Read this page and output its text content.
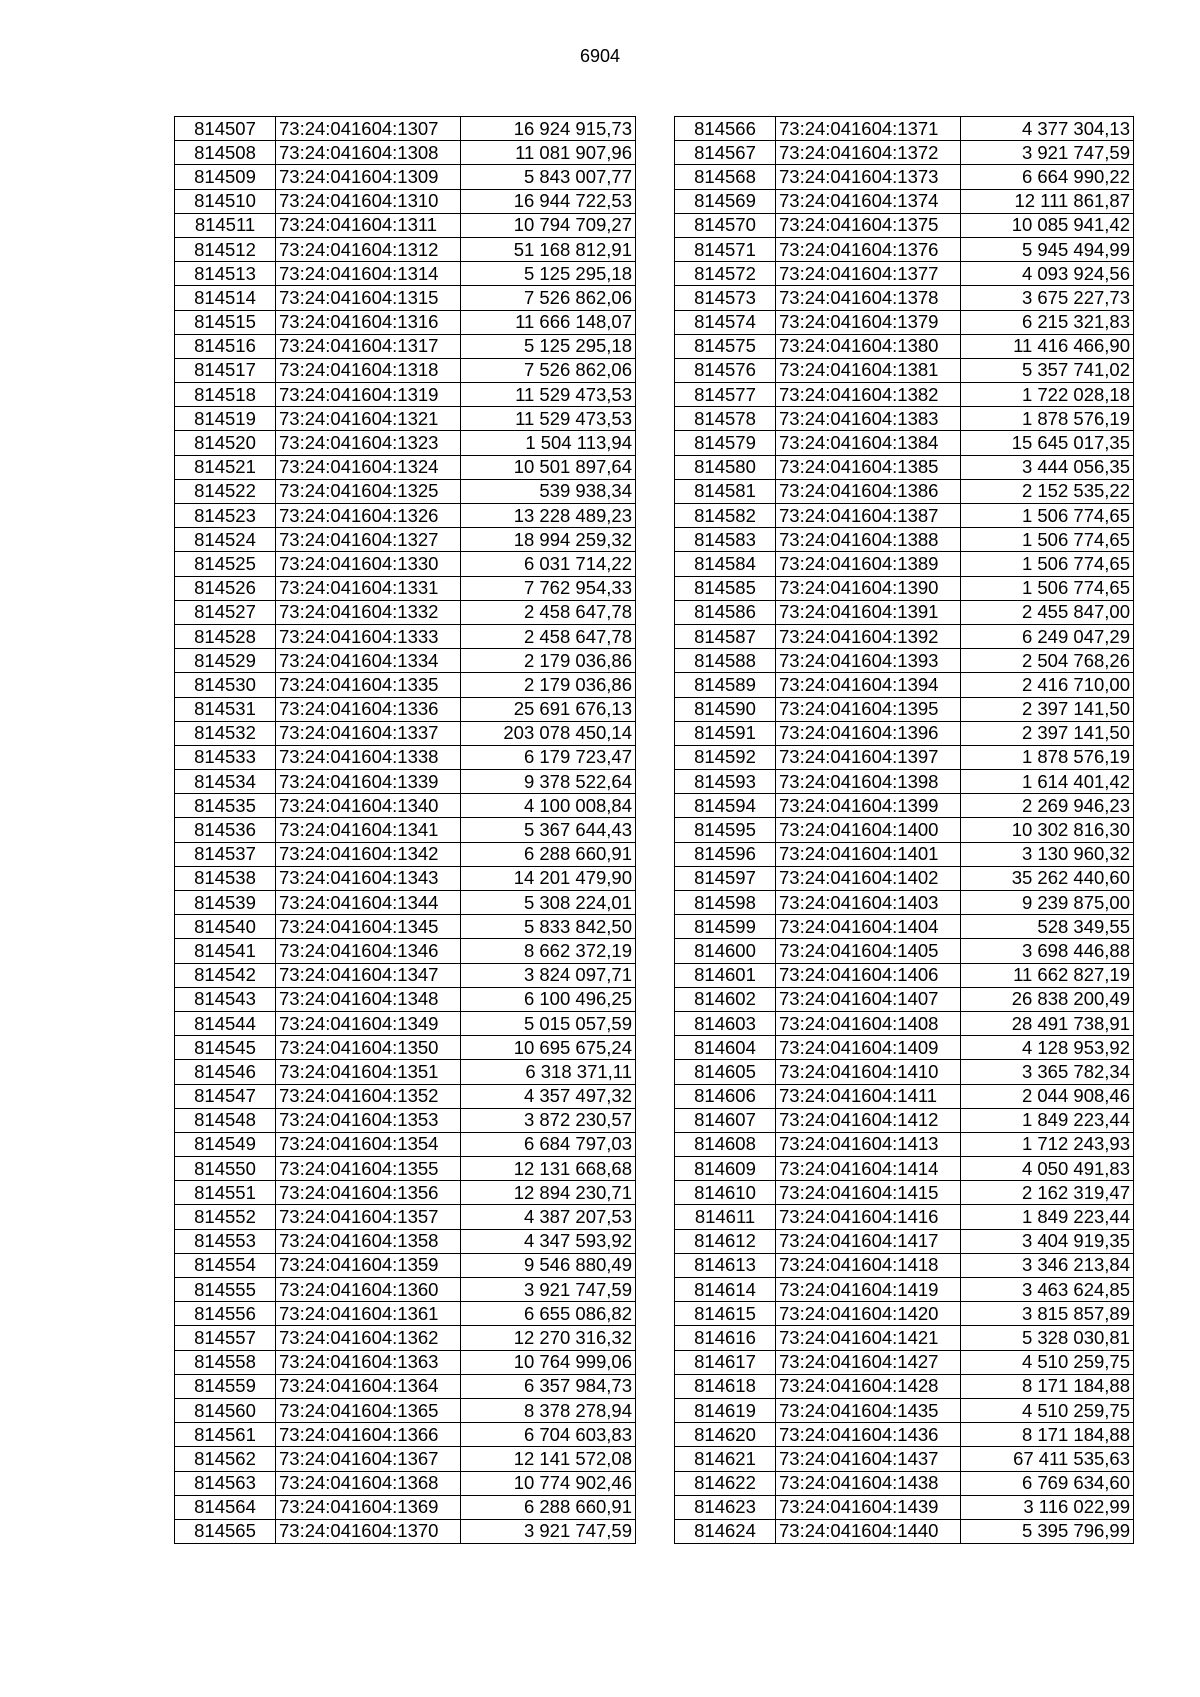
6904
814507	73:24:041604:1307	16 924 915,73
814508	73:24:041604:1308	11 081 907,96
814509	73:24:041604:1309	5 843 007,77
814510	73:24:041604:1310	16 944 722,53
814511	73:24:041604:1311	10 794 709,27
814512	73:24:041604:1312	51 168 812,91
814513	73:24:041604:1314	5 125 295,18
814514	73:24:041604:1315	7 526 862,06
814515	73:24:041604:1316	11 666 148,07
814516	73:24:041604:1317	5 125 295,18
814517	73:24:041604:1318	7 526 862,06
814518	73:24:041604:1319	11 529 473,53
814519	73:24:041604:1321	11 529 473,53
814520	73:24:041604:1323	1 504 113,94
814521	73:24:041604:1324	10 501 897,64
814522	73:24:041604:1325	539 938,34
814523	73:24:041604:1326	13 228 489,23
814524	73:24:041604:1327	18 994 259,32
814525	73:24:041604:1330	6 031 714,22
814526	73:24:041604:1331	7 762 954,33
814527	73:24:041604:1332	2 458 647,78
814528	73:24:041604:1333	2 458 647,78
814529	73:24:041604:1334	2 179 036,86
814530	73:24:041604:1335	2 179 036,86
814531	73:24:041604:1336	25 691 676,13
814532	73:24:041604:1337	203 078 450,14
814533	73:24:041604:1338	6 179 723,47
814534	73:24:041604:1339	9 378 522,64
814535	73:24:041604:1340	4 100 008,84
814536	73:24:041604:1341	5 367 644,43
814537	73:24:041604:1342	6 288 660,91
814538	73:24:041604:1343	14 201 479,90
814539	73:24:041604:1344	5 308 224,01
814540	73:24:041604:1345	5 833 842,50
814541	73:24:041604:1346	8 662 372,19
814542	73:24:041604:1347	3 824 097,71
814543	73:24:041604:1348	6 100 496,25
814544	73:24:041604:1349	5 015 057,59
814545	73:24:041604:1350	10 695 675,24
814546	73:24:041604:1351	6 318 371,11
814547	73:24:041604:1352	4 357 497,32
814548	73:24:041604:1353	3 872 230,57
814549	73:24:041604:1354	6 684 797,03
814550	73:24:041604:1355	12 131 668,68
814551	73:24:041604:1356	12 894 230,71
814552	73:24:041604:1357	4 387 207,53
814553	73:24:041604:1358	4 347 593,92
814554	73:24:041604:1359	9 546 880,49
814555	73:24:041604:1360	3 921 747,59
814556	73:24:041604:1361	6 655 086,82
814557	73:24:041604:1362	12 270 316,32
814558	73:24:041604:1363	10 764 999,06
814559	73:24:041604:1364	6 357 984,73
814560	73:24:041604:1365	8 378 278,94
814561	73:24:041604:1366	6 704 603,83
814562	73:24:041604:1367	12 141 572,08
814563	73:24:041604:1368	10 774 902,46
814564	73:24:041604:1369	6 288 660,91
814565	73:24:041604:1370	3 921 747,59
814566	73:24:041604:1371	4 377 304,13
814567	73:24:041604:1372	3 921 747,59
814568	73:24:041604:1373	6 664 990,22
814569	73:24:041604:1374	12 111 861,87
814570	73:24:041604:1375	10 085 941,42
814571	73:24:041604:1376	5 945 494,99
814572	73:24:041604:1377	4 093 924,56
814573	73:24:041604:1378	3 675 227,73
814574	73:24:041604:1379	6 215 321,83
814575	73:24:041604:1380	11 416 466,90
814576	73:24:041604:1381	5 357 741,02
814577	73:24:041604:1382	1 722 028,18
814578	73:24:041604:1383	1 878 576,19
814579	73:24:041604:1384	15 645 017,35
814580	73:24:041604:1385	3 444 056,35
814581	73:24:041604:1386	2 152 535,22
814582	73:24:041604:1387	1 506 774,65
814583	73:24:041604:1388	1 506 774,65
814584	73:24:041604:1389	1 506 774,65
814585	73:24:041604:1390	1 506 774,65
814586	73:24:041604:1391	2 455 847,00
814587	73:24:041604:1392	6 249 047,29
814588	73:24:041604:1393	2 504 768,26
814589	73:24:041604:1394	2 416 710,00
814590	73:24:041604:1395	2 397 141,50
814591	73:24:041604:1396	2 397 141,50
814592	73:24:041604:1397	1 878 576,19
814593	73:24:041604:1398	1 614 401,42
814594	73:24:041604:1399	2 269 946,23
814595	73:24:041604:1400	10 302 816,30
814596	73:24:041604:1401	3 130 960,32
814597	73:24:041604:1402	35 262 440,60
814598	73:24:041604:1403	9 239 875,00
814599	73:24:041604:1404	528 349,55
814600	73:24:041604:1405	3 698 446,88
814601	73:24:041604:1406	11 662 827,19
814602	73:24:041604:1407	26 838 200,49
814603	73:24:041604:1408	28 491 738,91
814604	73:24:041604:1409	4 128 953,92
814605	73:24:041604:1410	3 365 782,34
814606	73:24:041604:1411	2 044 908,46
814607	73:24:041604:1412	1 849 223,44
814608	73:24:041604:1413	1 712 243,93
814609	73:24:041604:1414	4 050 491,83
814610	73:24:041604:1415	2 162 319,47
814611	73:24:041604:1416	1 849 223,44
814612	73:24:041604:1417	3 404 919,35
814613	73:24:041604:1418	3 346 213,84
814614	73:24:041604:1419	3 463 624,85
814615	73:24:041604:1420	3 815 857,89
814616	73:24:041604:1421	5 328 030,81
814617	73:24:041604:1427	4 510 259,75
814618	73:24:041604:1428	8 171 184,88
814619	73:24:041604:1435	4 510 259,75
814620	73:24:041604:1436	8 171 184,88
814621	73:24:041604:1437	67 411 535,63
814622	73:24:041604:1438	6 769 634,60
814623	73:24:041604:1439	3 116 022,99
814624	73:24:041604:1440	5 395 796,99
